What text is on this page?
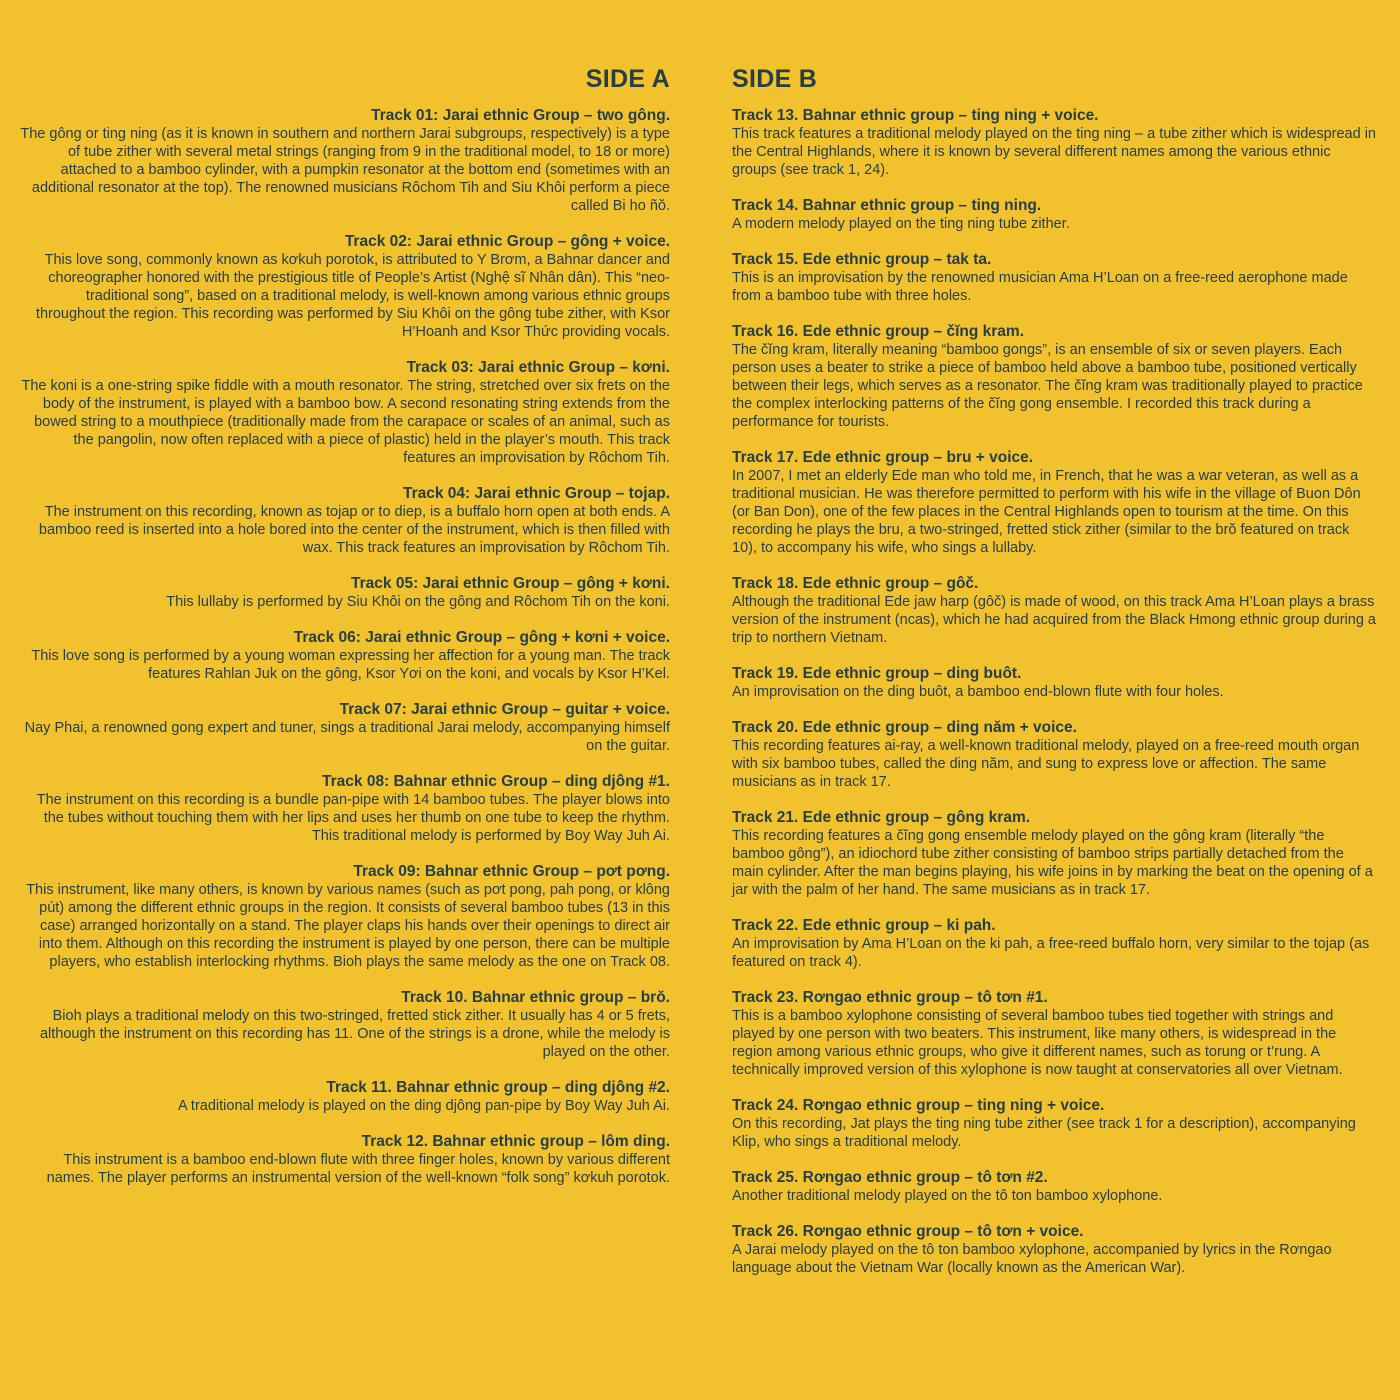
SIDE A

Track 01: Jarai ethnic Group – two gông.

The gông or ting ning (as it is known in southern and northern Jarai subgroups, respectively) is a type of tube zither with several metal strings (ranging from 9 in the traditional model, to 18 or more) attached to a bamboo cylinder, with a pumpkin resonator at the bottom end (sometimes with an additional resonator at the top). The renowned musicians Rôchom Tih and Siu Khôi perform a piece called Bi ho ñŏ.

Track 02: Jarai ethnic Group – gông + voice.

This love song, commonly known as kơkuh porotok, is attributed to Y Brơm, a Bahnar dancer and choreographer honored with the prestigious title of People’s Artist (Nghệ sĩ Nhân dân). This “neo-traditional song”, based on a traditional melody, is well-known among various ethnic groups throughout the region. This recording was performed by Siu Khôi on the gông tube zither, with Ksor H’Hoanh and Ksor Thức providing vocals.

Track 03: Jarai ethnic Group – kơni.

The koni is a one-string spike fiddle with a mouth resonator. The string, stretched over six frets on the body of the instrument, is played with a bamboo bow. A second resonating string extends from the bowed string to a mouthpiece (traditionally made from the carapace or scales of an animal, such as the pangolin, now often replaced with a piece of plastic) held in the player’s mouth. This track features an improvisation by Rôchom Tih.

Track 04: Jarai ethnic Group – tojap.

The instrument on this recording, known as tojap or to diep, is a buffalo horn open at both ends. A bamboo reed is inserted into a hole bored into the center of the instrument, which is then filled with wax. This track features an improvisation by Rôchom Tih.

Track 05: Jarai ethnic Group – gông + kơni.

This lullaby is performed by Siu Khôi on the gông and Rôchom Tih on the koni.

Track 06: Jarai ethnic Group – gông + kơni + voice.

This love song is performed by a young woman expressing her affection for a young man. The track features Rahlan Juk on the gông, Ksor Yơi on the koni, and vocals by Ksor H’Kel.

Track 07: Jarai ethnic Group – guitar + voice.

Nay Phai, a renowned gong expert and tuner, sings a traditional Jarai melody, accompanying himself on the guitar.

Track 08: Bahnar ethnic Group – ding djông #1.

The instrument on this recording is a bundle pan-pipe with 14 bamboo tubes. The player blows into the tubes without touching them with her lips and uses her thumb on one tube to keep the rhythm. This traditional melody is performed by Boy Way Juh Ai.

Track 09: Bahnar ethnic Group – pơt pơng.

This instrument, like many others, is known by various names (such as pơt pong, pah pong, or klông pút) among the different ethnic groups in the region. It consists of several bamboo tubes (13 in this case) arranged horizontally on a stand. The player claps his hands over their openings to direct air into them. Although on this recording the instrument is played by one person, there can be multiple players, who establish interlocking rhythms. Bioh plays the same melody as the one on Track 08.

Track 10. Bahnar ethnic group – brŏ.

Bioh plays a traditional melody on this two-stringed, fretted stick zither. It usually has 4 or 5 frets, although the instrument on this recording has 11. One of the strings is a drone, while the melody is played on the other.

Track 11. Bahnar ethnic group – ding djông #2.

A traditional melody is played on the ding djông pan-pipe by Boy Way Juh Ai.

Track 12. Bahnar ethnic group – lôm ding.

This instrument is a bamboo end-blown flute with three finger holes, known by various different names. The player performs an instrumental version of the well-known “folk song” kơkuh porotok.

SIDE B

Track 13. Bahnar ethnic group – ting ning + voice.

This track features a traditional melody played on the ting ning – a tube zither which is widespread in the Central Highlands, where it is known by several different names among the various ethnic groups (see track 1, 24).

Track 14. Bahnar ethnic group – ting ning.

A modern melody played on the ting ning tube zither.

Track 15. Ede ethnic group – tak ta.

This is an improvisation by the renowned musician Ama H’Loan on a free-reed aerophone made from a bamboo tube with three holes.

Track 16. Ede ethnic group – čĭng kram.

The čĭng kram, literally meaning “bamboo gongs”, is an ensemble of six or seven players. Each person uses a beater to strike a piece of bamboo held above a bamboo tube, positioned vertically between their legs, which serves as a resonator. The čĭng kram was traditionally played to practice the complex interlocking patterns of the čĭng gong ensemble. I recorded this track during a performance for tourists.

Track 17. Ede ethnic group – bru + voice.

In 2007, I met an elderly Ede man who told me, in French, that he was a war veteran, as well as a traditional musician. He was therefore permitted to perform with his wife in the village of Buon Dôn (or Ban Don), one of the few places in the Central Highlands open to tourism at the time. On this recording he plays the bru, a two-stringed, fretted stick zither (similar to the brŏ featured on track 10), to accompany his wife, who sings a lullaby.

Track 18. Ede ethnic group – gôč.

Although the traditional Ede jaw harp (gôč) is made of wood, on this track Ama H’Loan plays a brass version of the instrument (ncas), which he had acquired from the Black Hmong ethnic group during a trip to northern Vietnam.

Track 19. Ede ethnic group – ding buôt.

An improvisation on the ding buôt, a bamboo end-blown flute with four holes.

Track 20. Ede ethnic group – ding năm + voice.

This recording features ai-ray, a well-known traditional melody, played on a free-reed mouth organ with six bamboo tubes, called the ding năm, and sung to express love or affection. The same musicians as in track 17.

Track 21. Ede ethnic group – gông kram.

This recording features a čĭng gong ensemble melody played on the gông kram (literally “the bamboo gông”), an idiochord tube zither consisting of bamboo strips partially detached from the main cylinder. After the man begins playing, his wife joins in by marking the beat on the opening of a jar with the palm of her hand. The same musicians as in track 17.

Track 22. Ede ethnic group – ki pah.

An improvisation by Ama H’Loan on the ki pah, a free-reed buffalo horn, very similar to the tojap (as featured on track 4).

Track 23. Rơngao ethnic group – tô tơn #1.

This is a bamboo xylophone consisting of several bamboo tubes tied together with strings and played by one person with two beaters. This instrument, like many others, is widespread in the region among various ethnic groups, who give it different names, such as torung or t’rung. A technically improved version of this xylophone is now taught at conservatories all over Vietnam.

Track 24. Rơngao ethnic group – ting ning + voice.

On this recording, Jat plays the ting ning tube zither (see track 1 for a description), accompanying Klip, who sings a traditional melody.

Track 25. Rơngao ethnic group – tô tơn #2.

Another traditional melody played on the tô ton bamboo xylophone.

Track 26. Rơngao ethnic group – tô tơn + voice.

A Jarai melody played on the tô ton bamboo xylophone, accompanied by lyrics in the Rơngao language about the Vietnam War (locally known as the American War).
